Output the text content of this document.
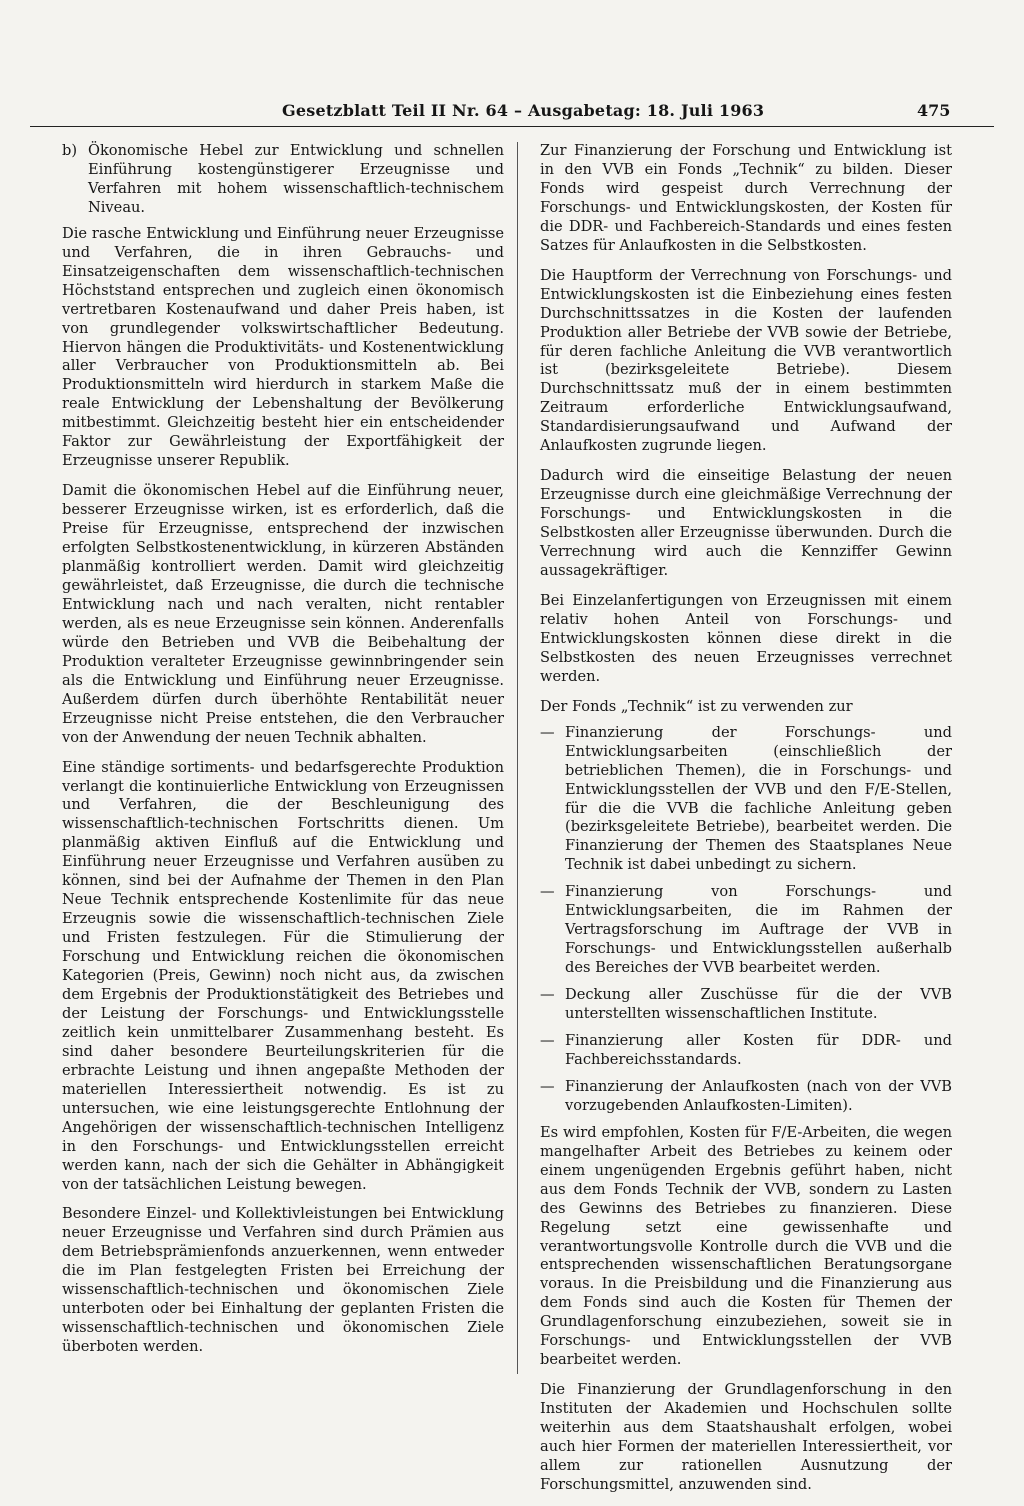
Gesetzblatt Teil II Nr. 64 – Ausgabetag: 18. Juli 1963	475
b) Ökonomische Hebel zur Entwicklung und schnellen Einführung kostengünstigerer Erzeugnisse und Verfahren mit hohem wissenschaftlich-technischem Niveau.

Die rasche Entwicklung und Einführung neuer Erzeugnisse und Verfahren, die in ihren Gebrauchs- und Einsatzeigenschaften dem wissenschaftlich-technischen Höchststand entsprechen und zugleich einen ökonomisch vertretbaren Kostenaufwand und daher Preis haben, ist von grundlegender volkswirtschaftlicher Bedeutung. Hiervon hängen die Produktivitäts- und Kostenentwicklung aller Verbraucher von Produktionsmitteln ab. Bei Produktionsmitteln wird hierdurch in starkem Maße die reale Entwicklung der Lebenshaltung der Bevölkerung mitbestimmt. Gleichzeitig besteht hier ein entscheidender Faktor zur Gewährleistung der Exportfähigkeit der Erzeugnisse unserer Republik.

Damit die ökonomischen Hebel auf die Einführung neuer, besserer Erzeugnisse wirken, ist es erforderlich, daß die Preise für Erzeugnisse, entsprechend der inzwischen erfolgten Selbstkostenentwicklung, in kürzeren Abständen planmäßig kontrolliert werden. Damit wird gleichzeitig gewährleistet, daß Erzeugnisse, die durch die technische Entwicklung nach und nach veralten, nicht rentabler werden, als es neue Erzeugnisse sein können. Anderenfalls würde den Betrieben und VVB die Beibehaltung der Produktion veralteter Erzeugnisse gewinnbringender sein als die Entwicklung und Einführung neuer Erzeugnisse. Außerdem dürfen durch überhöhte Rentabilität neuer Erzeugnisse nicht Preise entstehen, die den Verbraucher von der Anwendung der neuen Technik abhalten.

Eine ständige sortiments- und bedarfsgerechte Produktion verlangt die kontinuierliche Entwicklung von Erzeugnissen und Verfahren, die der Beschleunigung des wissenschaftlich-technischen Fortschritts dienen. Um planmäßig aktiven Einfluß auf die Entwicklung und Einführung neuer Erzeugnisse und Verfahren ausüben zu können, sind bei der Aufnahme der Themen in den Plan Neue Technik entsprechende Kostenlimite für das neue Erzeugnis sowie die wissenschaftlich-technischen Ziele und Fristen festzulegen. Für die Stimulierung der Forschung und Entwicklung reichen die ökonomischen Kategorien (Preis, Gewinn) noch nicht aus, da zwischen dem Ergebnis der Produktionstätigkeit des Betriebes und der Leistung der Forschungs- und Entwicklungsstelle zeitlich kein unmittelbarer Zusammenhang besteht. Es sind daher besondere Beurteilungskriterien für die erbrachte Leistung und ihnen angepaßte Methoden der materiellen Interessiertheit notwendig. Es ist zu untersuchen, wie eine leistungsgerechte Entlohnung der Angehörigen der wissenschaftlich-technischen Intelligenz in den Forschungs- und Entwicklungsstellen erreicht werden kann, nach der sich die Gehälter in Abhängigkeit von der tatsächlichen Leistung bewegen.

Besondere Einzel- und Kollektivleistungen bei Entwicklung neuer Erzeugnisse und Verfahren sind durch Prämien aus dem Betriebsprämienfonds anzuerkennen, wenn entweder die im Plan festgelegten Fristen bei Erreichung der wissenschaftlich-technischen und ökonomischen Ziele unterboten oder bei Einhaltung der geplanten Fristen die wissenschaftlich-technischen und ökonomischen Ziele überboten werden.

Zur Finanzierung der Forschung und Entwicklung ist in den VVB ein Fonds „Technik“ zu bilden. Dieser Fonds wird gespeist durch Verrechnung der Forschungs- und Entwicklungskosten, der Kosten für die DDR- und Fachbereich-Standards und eines festen Satzes für Anlaufkosten in die Selbstkosten.

Die Hauptform der Verrechnung von Forschungs- und Entwicklungskosten ist die Einbeziehung eines festen Durchschnittssatzes in die Kosten der laufenden Produktion aller Betriebe der VVB sowie der Betriebe, für deren fachliche Anleitung die VVB verantwortlich ist (bezirksgeleitete Betriebe). Diesem Durchschnittssatz muß der in einem bestimmten Zeitraum erforderliche Entwicklungsaufwand, Standardisierungsaufwand und Aufwand der Anlaufkosten zugrunde liegen.

Dadurch wird die einseitige Belastung der neuen Erzeugnisse durch eine gleichmäßige Verrechnung der Forschungs- und Entwicklungskosten in die Selbstkosten aller Erzeugnisse überwunden. Durch die Verrechnung wird auch die Kennziffer Gewinn aussagekräftiger.

Bei Einzelanfertigungen von Erzeugnissen mit einem relativ hohen Anteil von Forschungs- und Entwicklungskosten können diese direkt in die Selbstkosten des neuen Erzeugnisses verrechnet werden.

Der Fonds „Technik“ ist zu verwenden zur

— Finanzierung der Forschungs- und Entwicklungsarbeiten (einschließlich der betrieblichen Themen), die in Forschungs- und Entwicklungsstellen der VVB und den F/E-Stellen, für die die VVB die fachliche Anleitung geben (bezirksgeleitete Betriebe), bearbeitet werden. Die Finanzierung der Themen des Staatsplanes Neue Technik ist dabei unbedingt zu sichern.
— Finanzierung von Forschungs- und Entwicklungsarbeiten, die im Rahmen der Vertragsforschung im Auftrage der VVB in Forschungs- und Entwicklungsstellen außerhalb des Bereiches der VVB bearbeitet werden.
— Deckung aller Zuschüsse für die der VVB unterstellten wissenschaftlichen Institute.
— Finanzierung aller Kosten für DDR- und Fachbereichsstandards.
— Finanzierung der Anlaufkosten (nach von der VVB vorzugebenden Anlaufkosten-Limiten).

Es wird empfohlen, Kosten für F/E-Arbeiten, die wegen mangelhafter Arbeit des Betriebes zu keinem oder einem ungenügenden Ergebnis geführt haben, nicht aus dem Fonds Technik der VVB, sondern zu Lasten des Gewinns des Betriebes zu finanzieren. Diese Regelung setzt eine gewissenhafte und verantwortungsvolle Kontrolle durch die VVB und die entsprechenden wissenschaftlichen Beratungsorgane voraus. In die Preisbildung und die Finanzierung aus dem Fonds sind auch die Kosten für Themen der Grundlagenforschung einzubeziehen, soweit sie in Forschungs- und Entwicklungsstellen der VVB bearbeitet werden.

Die Finanzierung der Grundlagenforschung in den Instituten der Akademien und Hochschulen sollte weiterhin aus dem Staatshaushalt erfolgen, wobei auch hier Formen der materiellen Interessiertheit, vor allem zur rationellen Ausnutzung der Forschungsmittel, anzuwenden sind.
